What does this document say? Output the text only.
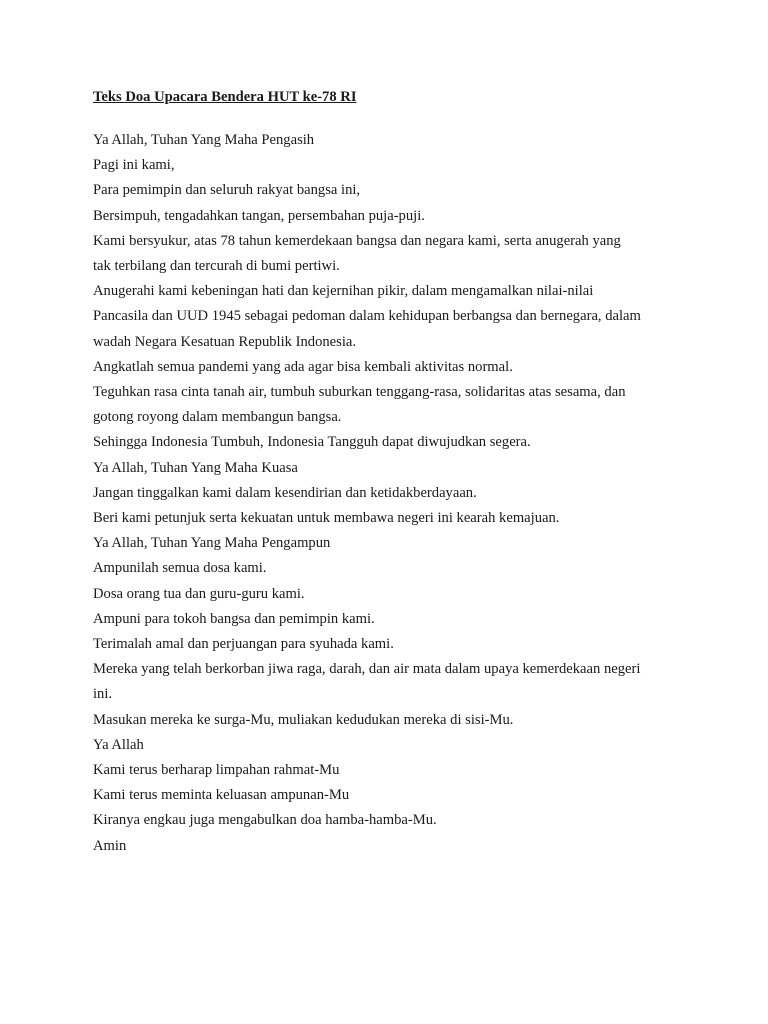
Teks Doa Upacara Bendera HUT ke-78 RI
Ya Allah, Tuhan Yang Maha Pengasih
Pagi ini kami,
Para pemimpin dan seluruh rakyat bangsa ini,
Bersimpuh, tengadahkan tangan, persembahan puja-puji.
Kami bersyukur, atas 78 tahun kemerdekaan bangsa dan negara kami, serta anugerah yang
tak terbilang dan tercurah di bumi pertiwi.
Anugerahi kami kebeningan hati dan kejernihan pikir, dalam mengamalkan nilai-nilai
Pancasila dan UUD 1945 sebagai pedoman dalam kehidupan berbangsa dan bernegara, dalam
wadah Negara Kesatuan Republik Indonesia.
Angkatlah semua pandemi yang ada agar bisa kembali aktivitas normal.
Teguhkan rasa cinta tanah air, tumbuh suburkan tenggang-rasa, solidaritas atas sesama, dan
gotong royong dalam membangun bangsa.
Sehingga Indonesia Tumbuh, Indonesia Tangguh dapat diwujudkan segera.
Ya Allah, Tuhan Yang Maha Kuasa
Jangan tinggalkan kami dalam kesendirian dan ketidakberdayaan.
Beri kami petunjuk serta kekuatan untuk membawa negeri ini kearah kemajuan.
Ya Allah, Tuhan Yang Maha Pengampun
Ampunilah semua dosa kami.
Dosa orang tua dan guru-guru kami.
Ampuni para tokoh bangsa dan pemimpin kami.
Terimalah amal dan perjuangan para syuhada kami.
Mereka yang telah berkorban jiwa raga, darah, dan air mata dalam upaya kemerdekaan negeri
ini.
Masukan mereka ke surga-Mu, muliakan kedudukan mereka di sisi-Mu.
Ya Allah
Kami terus berharap limpahan rahmat-Mu
Kami terus meminta keluasan ampunan-Mu
Kiranya engkau juga mengabulkan doa hamba-hamba-Mu.
Amin
